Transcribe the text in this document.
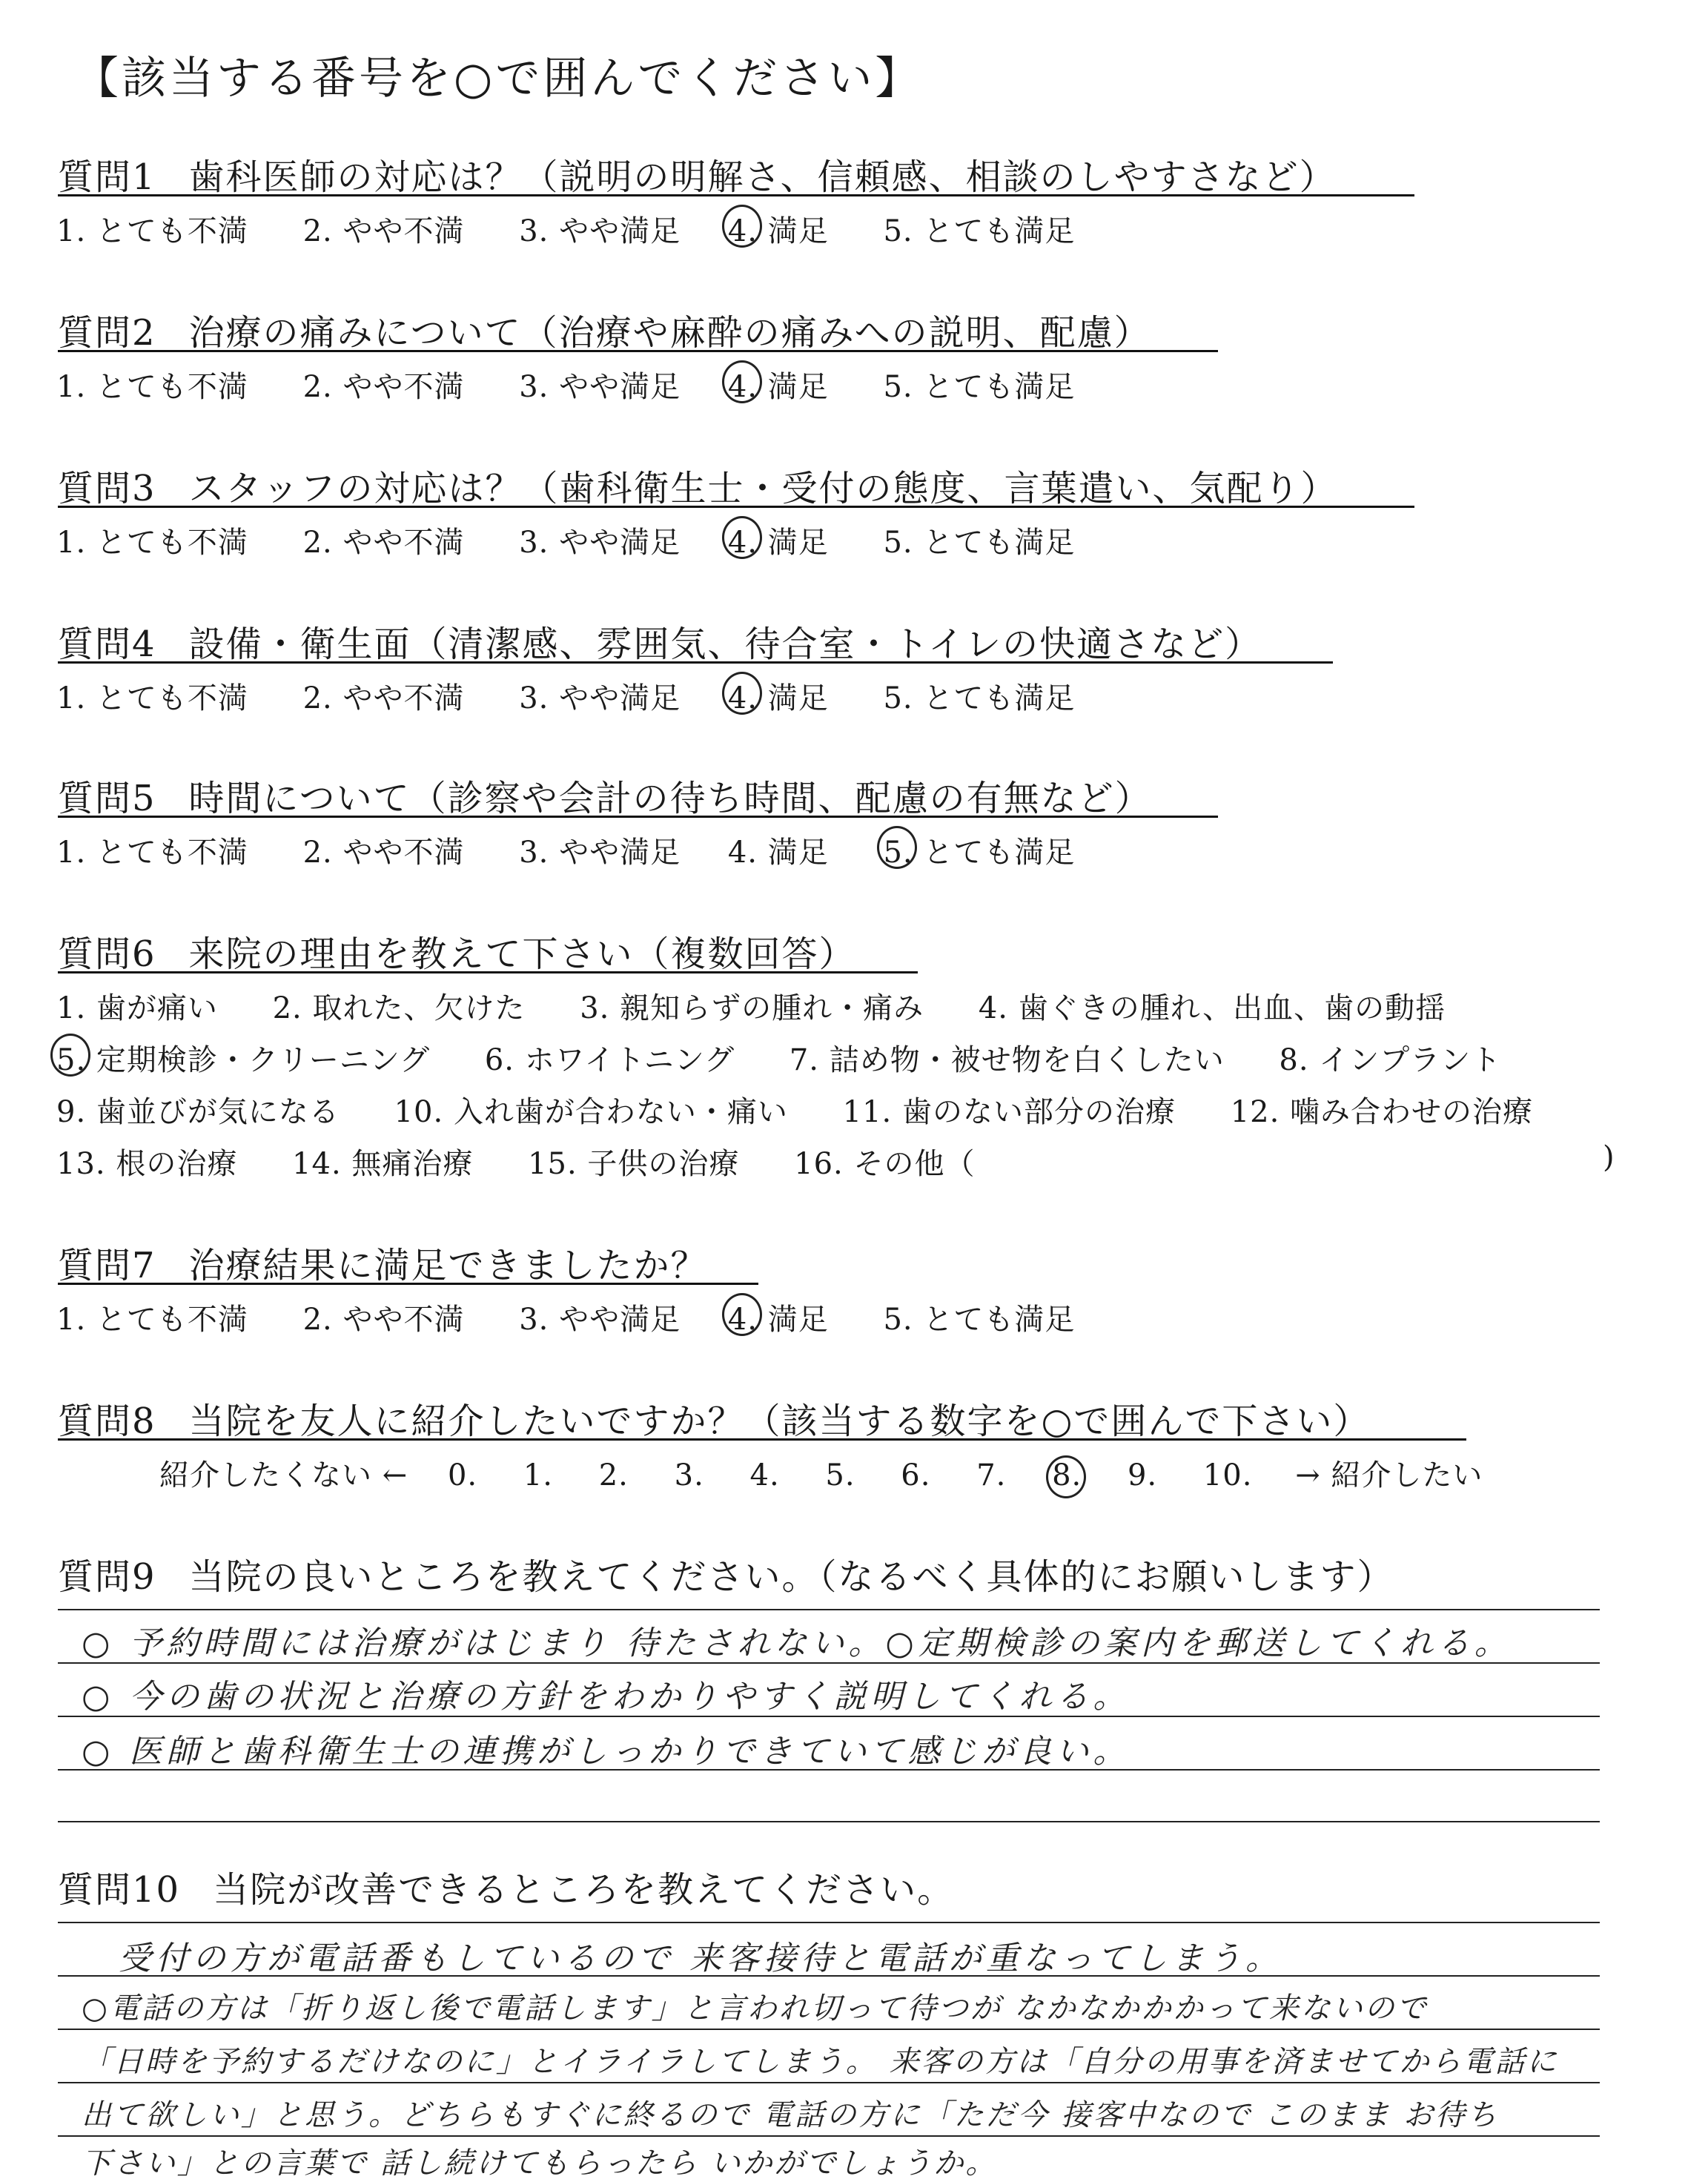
【該当する番号を○で囲んでください】
質問1 歯科医師の対応は？（説明の明解さ、信頼感、相談のしやすさなど）
1. とても不満 2. やや不満 3. やや満足 4. 満足 5. とても満足
質問2 治療の痛みについて（治療や麻酔の痛みへの説明、配慮）
1. とても不満 2. やや不満 3. やや満足 4. 満足 5. とても満足
質問3 スタッフの対応は？（歯科衛生士・受付の態度、言葉遣い、気配り）
1. とても不満 2. やや不満 3. やや満足 4. 満足 5. とても満足
質問4 設備・衛生面（清潔感、雰囲気、待合室・トイレの快適さなど）
1. とても不満 2. やや不満 3. やや満足 4. 満足 5. とても満足
質問5 時間について（診察や会計の待ち時間、配慮の有無など）
1. とても不満 2. やや不満 3. やや満足 4. 満足 5. とても満足
質問6 来院の理由を教えて下さい（複数回答）
1. 歯が痛い 2. 取れた、欠けた 3. 親知らずの腫れ・痛み 4. 歯ぐきの腫れ、出血、歯の動揺
5. 定期検診・クリーニング 6. ホワイトニング 7. 詰め物・被せ物を白くしたい 8. インプラント
9. 歯並びが気になる 10. 入れ歯が合わない・痛い 11. 歯のない部分の治療 12. 噛み合わせの治療
13. 根の治療 14. 無痛治療 15. 子供の治療 16. その他（	)
質問7 治療結果に満足できましたか？
1. とても不満 2. やや不満 3. やや満足 4. 満足 5. とても満足
質問8 当院を友人に紹介したいですか？（該当する数字を○で囲んで下さい）
紹介したくない ← 0. 1. 2. 3. 4. 5. 6. 7. 8. 9. 10. → 紹介したい
質問9 当院の良いところを教えてください。（なるべく具体的にお願いします）
○ 予約時間には治療がはじまり 待たされない。○定期検診の案内を郵送してくれる。
○ 今の歯の状況と治療の方針をわかりやすく説明してくれる。
○ 医師と歯科衛生士の連携がしっかりできていて感じが良い。
質問10 当院が改善できるところを教えてください。
受付の方が電話番もしているので 来客接待と電話が重なってしまう。
○電話の方は「折り返し後で電話します」と言われ切って待つが なかなかかかって来ないので
「日時を予約するだけなのに」とイライラしてしまう。 来客の方は「自分の用事を済ませてから電話に
出て欲しい」と思う。どちらもすぐに終るので 電話の方に「ただ今 接客中なので このまま お待ち
下さい」との言葉で 話し続けてもらったら いかがでしょうか。
